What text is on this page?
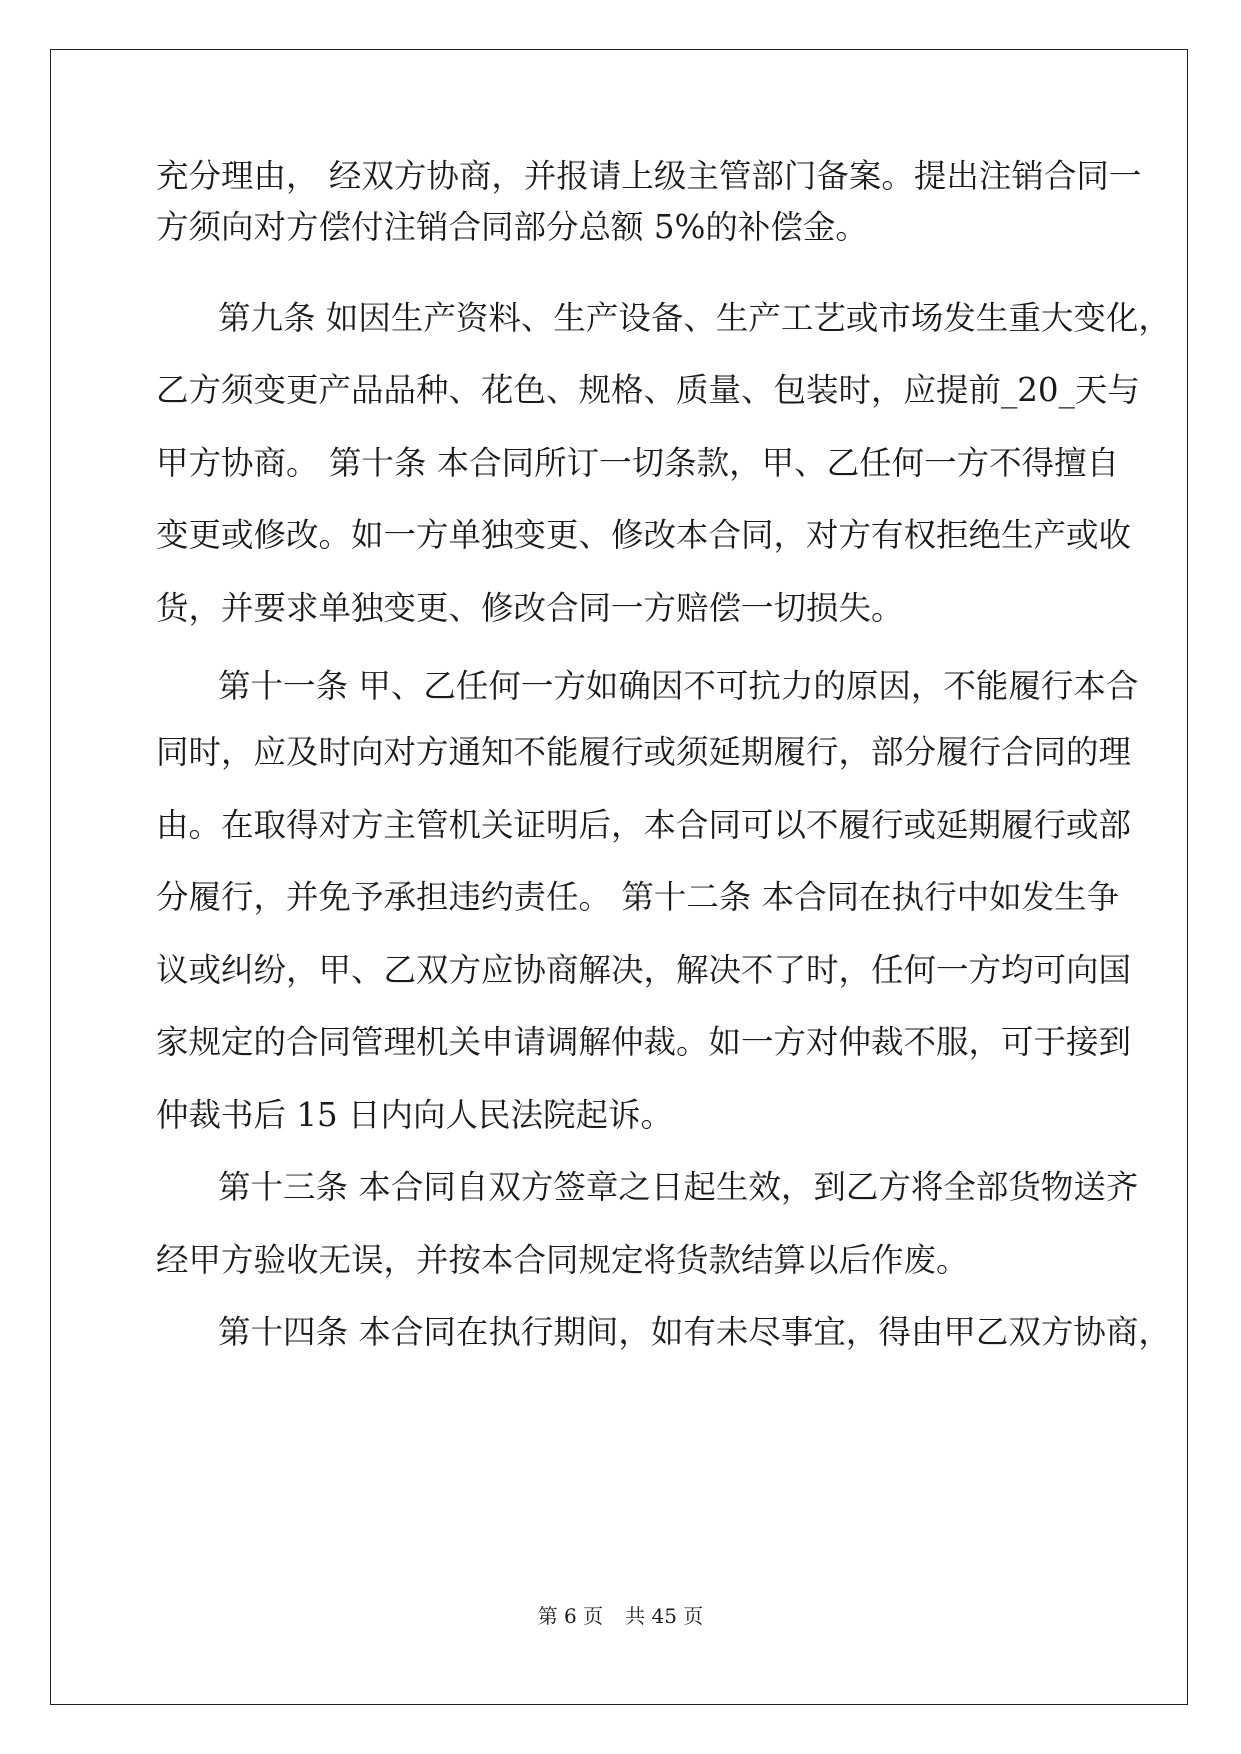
充分理由， 经双方协商，并报请上级主管部门备案。提出注销合同一
方须向对方偿付注销合同部分总额 5%的补偿金。
第九条 如因生产资料、生产设备、生产工艺或市场发生重大变化，
乙方须变更产品品种、花色、规格、质量、包装时，应提前_20_天与
甲方协商。 第十条 本合同所订一切条款，甲、乙任何一方不得擅自
变更或修改。如一方单独变更、修改本合同，对方有权拒绝生产或收
货，并要求单独变更、修改合同一方赔偿一切损失。
第十一条 甲、乙任何一方如确因不可抗力的原因，不能履行本合
同时，应及时向对方通知不能履行或须延期履行，部分履行合同的理
由。在取得对方主管机关证明后，本合同可以不履行或延期履行或部
分履行，并免予承担违约责任。 第十二条 本合同在执行中如发生争
议或纠纷，甲、乙双方应协商解决，解决不了时，任何一方均可向国
家规定的合同管理机关申请调解仲裁。如一方对仲裁不服，可于接到
仲裁书后 15 日内向人民法院起诉。
第十三条 本合同自双方签章之日起生效，到乙方将全部货物送齐
经甲方验收无误，并按本合同规定将货款结算以后作废。
第十四条 本合同在执行期间，如有未尽事宜，得由甲乙双方协商，
第 6 页 共 45 页
